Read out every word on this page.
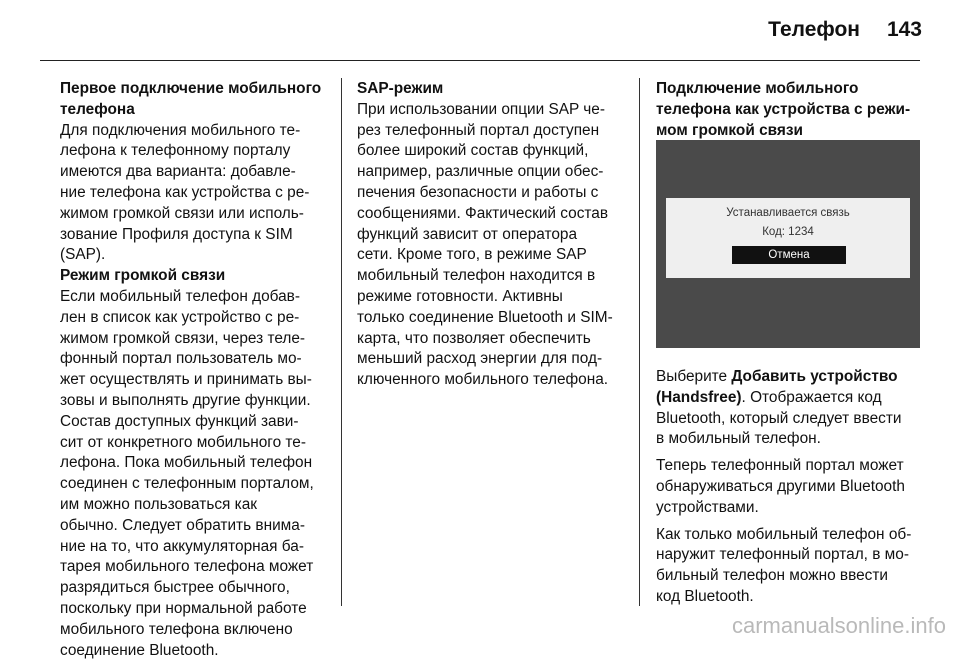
Телефон	143
Первое подключение мобильного
телефона
Для подключения мобильного те-
лефона к телефонному порталу
имеются два варианта: добавле-
ние телефона как устройства с ре-
жимом громкой связи или исполь-
зование Профиля доступа к SIM
(SAP).
Режим громкой связи
Если мобильный телефон добав-
лен в список как устройство с ре-
жимом громкой связи, через теле-
фонный портал пользователь мо-
жет осуществлять и принимать вы-
зовы и выполнять другие функции.
Состав доступных функций зави-
сит от конкретного мобильного те-
лефона. Пока мобильный телефон
соединен с телефонным порталом,
им можно пользоваться как
обычно. Следует обратить внима-
ние на то, что аккумуляторная ба-
тарея мобильного телефона может
разрядиться быстрее обычного,
поскольку при нормальной работе
мобильного телефона включено
соединение Bluetooth.
SAP-режим
При использовании опции SAP че-
рез телефонный портал доступен
более широкий состав функций,
например, различные опции обес-
печения безопасности и работы с
сообщениями. Фактический состав
функций зависит от оператора
сети. Кроме того, в режиме SAP
мобильный телефон находится в
режиме готовности. Активны
только соединение Bluetooth и SIM-
карта, что позволяет обеспечить
меньший расход энергии для под-
ключенного мобильного телефона.
Подключение мобильного
телефона как устройства с режи-
мом громкой связи
Устанавливается связь
Код: 1234
Отмена
Выберите Добавить устройство
(Handsfree). Отображается код
Bluetooth, который следует ввести
в мобильный телефон.
Теперь телефонный портал может
обнаруживаться другими Bluetooth
устройствами.
Как только мобильный телефон об-
наружит телефонный портал, в мо-
бильный телефон можно ввести
код Bluetooth.
carmanualsonline.info
